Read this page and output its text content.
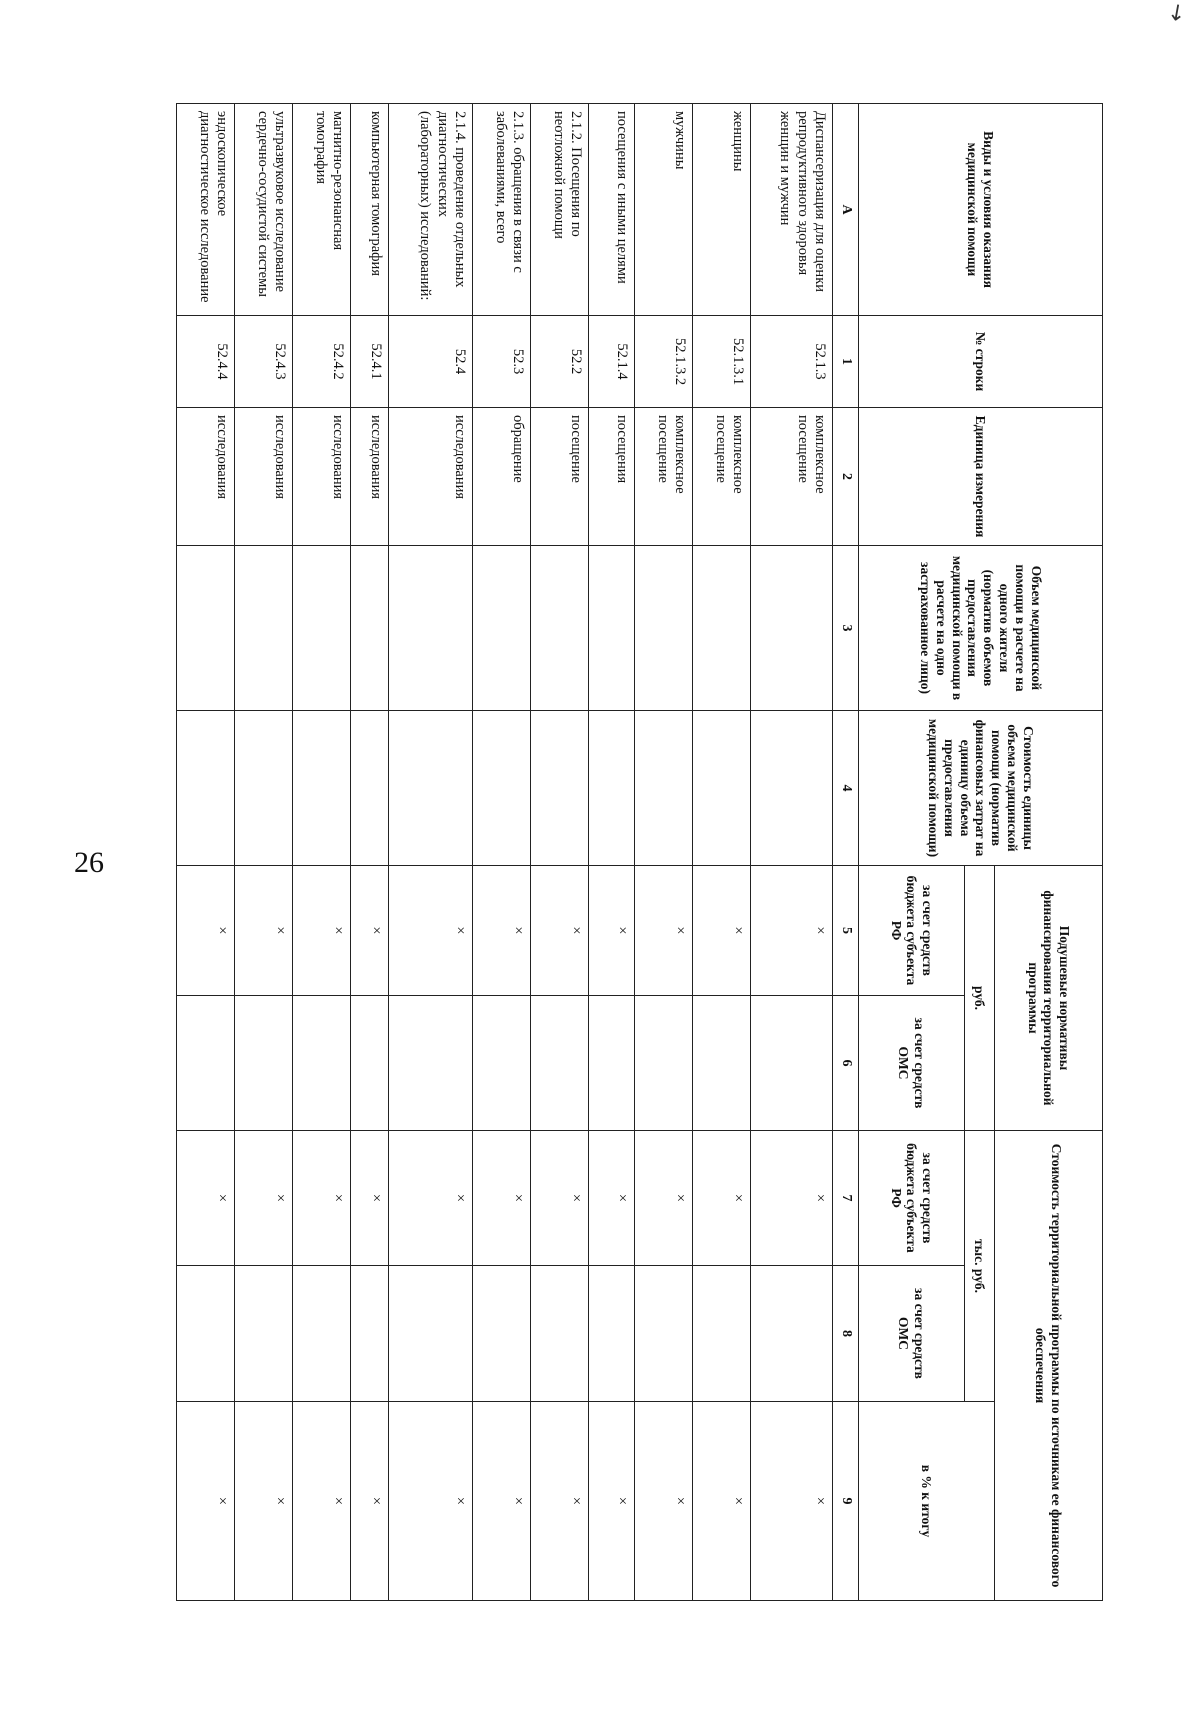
26
←
Виды и условия оказания медицинской помощи	№ строки	Единица измерения	Объем медицинской помощи в расчете на одного жителя (норматив объемов предоставления медицинской помощи в расчете на одно застрахованное лицо)	Стоимость единицы объема медицинской помощи (норматив финансовых затрат на единицу объема предоставления медицинской помощи)	Подушевые нормативы финансирования территориальной программы		Стоимость территориальной программы по источникам ее финансового обеспечения		
					руб.		тыс. руб.		в % к итогу
					за счет средств бюджета субъекта РФ	за счет средств ОМС	за счет средств бюджета субъекта РФ	за счет средств ОМС	
А	1	2	3	4	5	6	7	8	9
Диспансеризация для оценки репродуктивного здоровья женщин и мужчин	52.1.3	комплексное посещение			×		×		×
женщины	52.1.3.1	комплексное посещение			×		×		×
мужчины	52.1.3.2	комплексное посещение			×		×		×
посещения с иными целями	52.1.4	посещения			×		×		×
2.1.2. Посещения по неотложной помощи	52.2	посещение			×		×		×
2.1.3. обращения в связи с заболеваниями, всего	52.3	обращение			×		×		×
2.1.4. проведение отдельных диагностических (лабораторных) исследований:	52.4	исследования			×		×		×
компьютерная томография	52.4.1	исследования			×		×		×
магнитно-резонансная томография	52.4.2	исследования			×		×		×
ультразвуковое исследование сердечно-сосудистой системы	52.4.3	исследования			×		×		×
эндоскопическое диагностическое исследование	52.4.4	исследования			×		×		×
